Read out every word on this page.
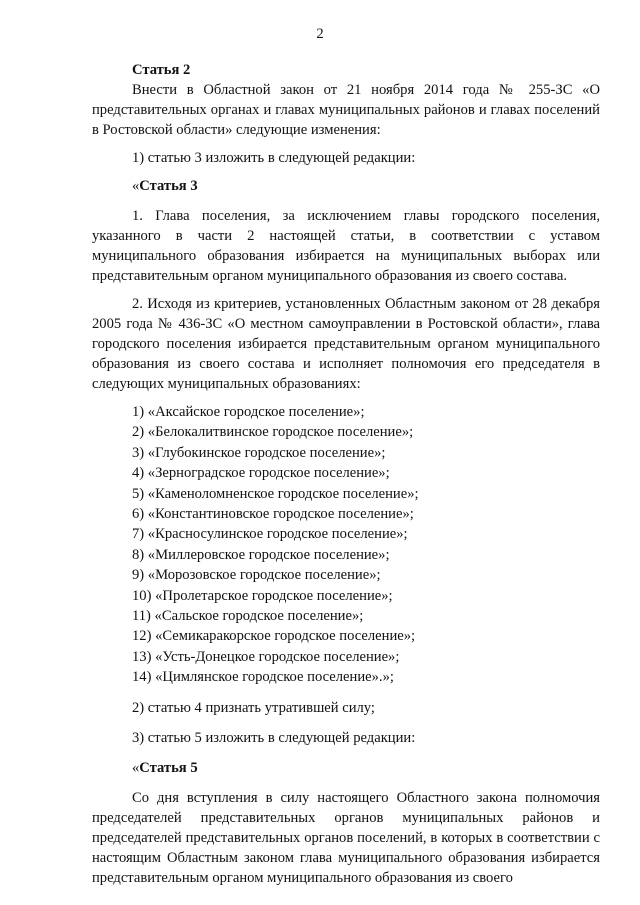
2

Статья 2

Внести в Областной закон от 21 ноября 2014 года № 255-ЗС «О представительных органах и главах муниципальных районов и главах поселений в Ростовской области» следующие изменения:

1) статью 3 изложить в следующей редакции:

«Статья 3

1. Глава поселения, за исключением главы городского поселения, указанного в части 2 настоящей статьи, в соответствии с уставом муниципального образования избирается на муниципальных выборах или представительным органом муниципального образования из своего состава.

2. Исходя из критериев, установленных Областным законом от 28 декабря 2005 года № 436-ЗС «О местном самоуправлении в Ростовской области», глава городского поселения избирается представительным органом муниципального образования из своего состава и исполняет полномочия его председателя в следующих муниципальных образованиях:

1) «Аксайское городское поселение»;
2) «Белокалитвинское городское поселение»;
3) «Глубокинское городское поселение»;
4) «Зерноградское городское поселение»;
5) «Каменоломненское городское поселение»;
6) «Константиновское городское поселение»;
7) «Красносулинское городское поселение»;
8) «Миллеровское городское поселение»;
9) «Морозовское городское поселение»;
10) «Пролетарское городское поселение»;
11) «Сальское городское поселение»;
12) «Семикаракорское городское поселение»;
13) «Усть-Донецкое городское поселение»;
14) «Цимлянское городское поселение».»;

2) статью 4 признать утратившей силу;

3) статью 5 изложить в следующей редакции:

«Статья 5

Со дня вступления в силу настоящего Областного закона полномочия председателей представительных органов муниципальных районов и председателей представительных органов поселений, в которых в соответствии с настоящим Областным законом глава муниципального образования избирается представительным органом муниципального образования из своего
